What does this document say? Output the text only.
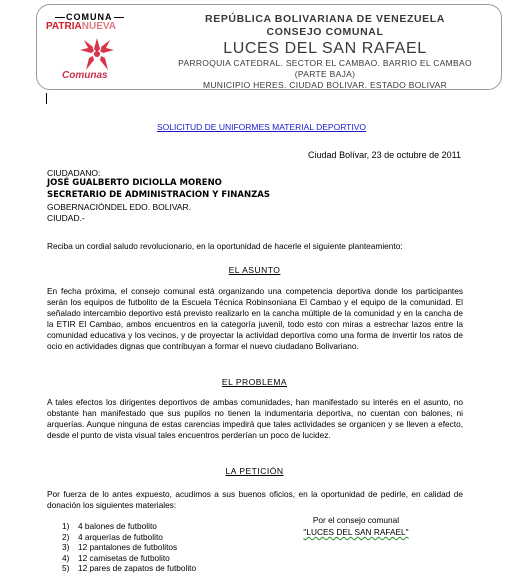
COMUNA
PATRIANUEVA
Comunas
REPÚBLICA BOLIVARIANA DE VENEZUELA
CONSEJO COMUNAL
LUCES DEL SAN RAFAEL
PARROQUIA CATEDRAL. SECTOR EL CAMBAO. BARRIO EL CAMBAO
(PARTE BAJA)
MUNICIPIO HERES. CIUDAD BOLIVAR. ESTADO BOLIVAR
SOLICITUD DE UNIFORMES MATERIAL DEPORTIVO
Ciudad Bolívar, 23 de octubre de 2011
CIUDADANO:
JOSÉ GUALBERTO DICIOLLA MORENO
SECRETARIO DE ADMINISTRACION Y FINANZAS
GOBERNACIÓNDEL EDO. BOLIVAR.
CIUDAD.-
Reciba un cordial saludo revolucionario, en la oportunidad de hacerle el siguiente planteamiento:
EL ASUNTO
En fecha próxima, el consejo comunal está organizando una competencia deportiva donde los participantes serán los equipos de futbolito de la Escuela Técnica Robinsoniana El Cambao y el equipo de la comunidad. El señalado intercambio deportivo está previsto realizarlo en la cancha múltiple de la comunidad y en la cancha de la ETIR El Cambao, ambos encuentros en la categoría juvenil, todo esto con miras a estrechar lazos entre la comunidad educativa y los vecinos, y de proyectar la actividad deportiva como una forma de invertir los ratos de ocio en actividades dignas que contribuyan a formar el nuevo ciudadano Bolivariano.
EL PROBLEMA
A tales efectos los dirigentes deportivos de ambas comunidades, han manifestado su interés en el asunto, no obstante han manifestado que sus pupilos no tienen la indumentaria deportiva, no cuentan con balones, ni arquerías. Aunque ninguna de estas carencias impedirá que tales actividades se organicen y se lleven a efecto, desde el punto de vista visual tales encuentros perderían un poco de lucidez.
LA PETICIÓN
Por fuerza de lo antes expuesto, acudimos a sus buenos oficios, en la oportunidad de pedirle, en calidad de donación los siguientes materiales:
1) 4 balones de futbolito
2) 4 arquerías de futbolito
3) 12 pantalones de futbolitos
4) 12 camisetas de futbolito
5) 12 pares de zapatos de futbolito
Por el consejo comunal
"LUCES DEL SAN RAFAEL"
